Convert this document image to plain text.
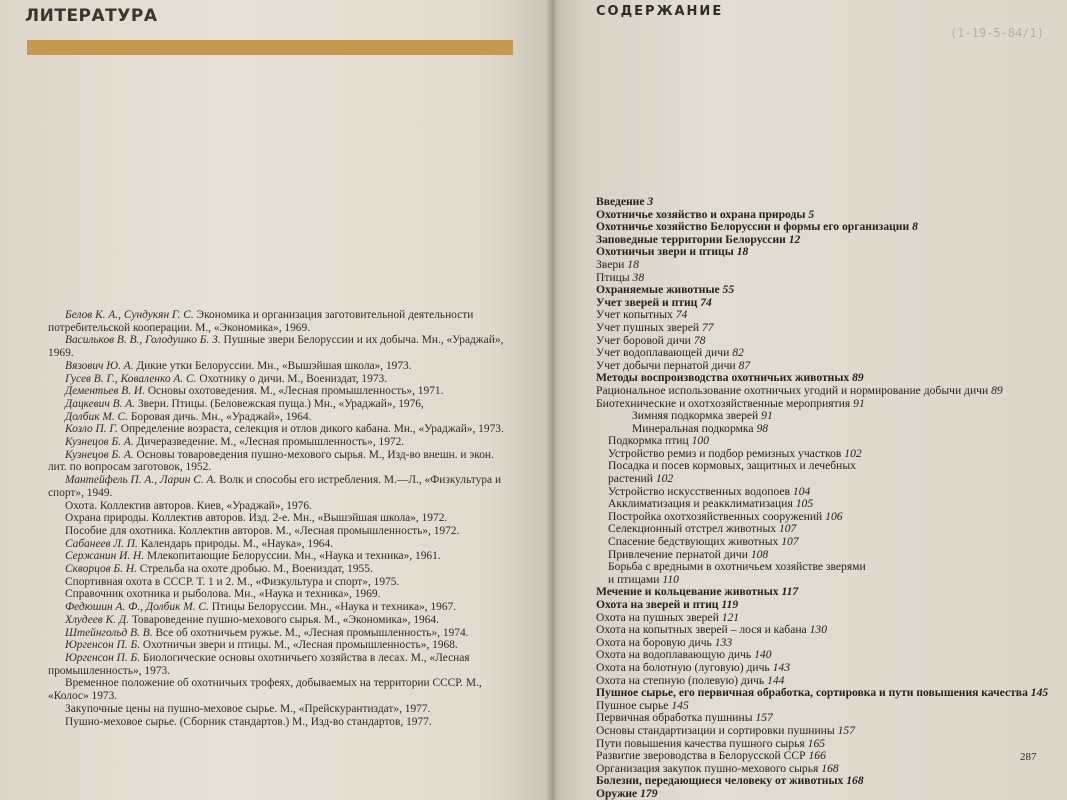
ЛИТЕРАТУРА

Белов К. А., Сундукян Г. С. Экономика и организация заготовительной деятельности потребительской кооперации. М., «Экономика», 1969.

Васильков В. В., Голодушко Б. З. Пушные звери Белоруссии и их добыча. Мн., «Ураджай», 1969.

Вязович Ю. А. Дикие утки Белоруссии. Мн., «Вышэйшая школа», 1973.

Гусев В. Г., Коваленко А. С. Охотнику о дичи. М., Воениздат, 1973.

Дементьев В. И. Основы охотоведения. М., «Лесная промышленность», 1971.

Дацкевич В. А. Звери. Птицы. (Беловежская пуща.) Мн., «Ураджай», 1976,

Долбик М. С. Боровая дичь. Мн., «Ураджай», 1964.

Козло П. Г. Определение возраста, селекция и отлов дикого кабана. Мн., «Ураджай», 1973.

Кузнецов Б. А. Дичеразведение. М., «Лесная промышленность», 1972.

Кузнецов Б. А. Основы товароведения пушно-мехового сырья. М., Изд-во внешн. и экон. лит. по вопросам заготовок, 1952.

Мантейфель П. А., Ларин С. А. Волк и способы его истребления. М.—Л., «Физкультура и спорт», 1949.

Охота. Коллектив авторов. Киев, «Ураджай», 1976.

Охрана природы. Коллектив авторов. Изд. 2-е. Мн., «Вышэйшая школа», 1972.

Пособие для охотника. Коллектив авторов. М., «Лесная промышленность», 1972.

Сабанеев Л. П. Календарь природы. М., «Наука», 1964.

Сержанин И. Н. Млекопитающие Белоруссии. Мн., «Наука и техника», 1961.

Скворцов Б. Н. Стрельба на охоте дробью. М., Воениздат, 1955.

Спортивная охота в СССР. Т. 1 и 2. М., «Физкультура и спорт», 1975.

Справочник охотника и рыболова. Мн., «Наука и техника», 1969.

Федюшин А. Ф., Долбик М. С. Птицы Белоруссии. Мн., «Наука и техника», 1967.

Хлудеев К. Д. Товароведение пушно-мехового сырья. М., «Экономика», 1964.

Штейнгольд В. В. Все об охотничьем ружье. М., «Лесная промышленность», 1974.

Юргенсон П. Б. Охотничьи звери и птицы. М., «Лесная промышленность», 1968.

Юргенсон П. Б. Биологические основы охотничьего хозяйства в лесах. М., «Лесная промышленность», 1973.

Временное положение об охотничьих трофеях, добываемых на территории СССР. М., «Колос» 1973.

Закупочные цены на пушно-меховое сырье. М., «Прейскурантиздат», 1977.

Пушно-меховое сырье. (Сборник стандартов.) М., Изд-во стандартов, 1977.

СОДЕРЖАНИЕ
(1-19-5-84/1)
Введение 3
Охотничье хозяйство и охрана природы 5
Охотничье хозяйство Белоруссии и формы его организации 8
Заповедные территории Белоруссии 12
Охотничьи звери и птицы 18
Звери 18
Птицы 38
Охраняемые животные 55
Учет зверей и птиц 74
Учет копытных 74
Учет пушных зверей 77
Учет боровой дичи 78
Учет водоплавающей дичи 82
Учет добычи пернатой дичи 87
Методы воспроизводства охотничьих животных 89
Рациональное использование охотничьих угодий и нормирование добычи дичи 89
Биотехнические и охотхозяйственные мероприятия 91
Зимняя подкормка зверей 91
Минеральная подкормка 98
Подкормка птиц 100
Устройство ремиз и подбор ремизных участков 102
Посадка и посев кормовых, защитных и лечебных
растений 102
Устройство искусственных водопоев 104
Акклиматизация и реакклиматизация 105
Постройка охотхозяйственных сооружений 106
Селекционный отстрел животных 107
Спасение бедствующих животных 107
Привлечение пернатой дичи 108
Борьба с вредными в охотничьем хозяйстве зверями
и птицами 110
Мечение и кольцевание животных 117
Охота на зверей и птиц 119
Охота на пушных зверей 121
Охота на копытных зверей – лося и кабана 130
Охота на боровую дичь 133
Охота на водоплавающую дичь 140
Охота на болотную (луговую) дичь 143
Охота на степную (полевую) дичь 144
Пушное сырье, его первичная обработка, сортировка и пути повышения качества 145
Пушное сырье 145
Первичная обработка пушнины 157
Основы стандартизации и сортировки пушнины 157
Пути повышения качества пушного сырья 165
Развитие звероводства в Белорусской ССР 166
Организация закупок пушно-мехового сырья 168
Болезни, передающиеся человеку от животных 168
Оружие 179
287
